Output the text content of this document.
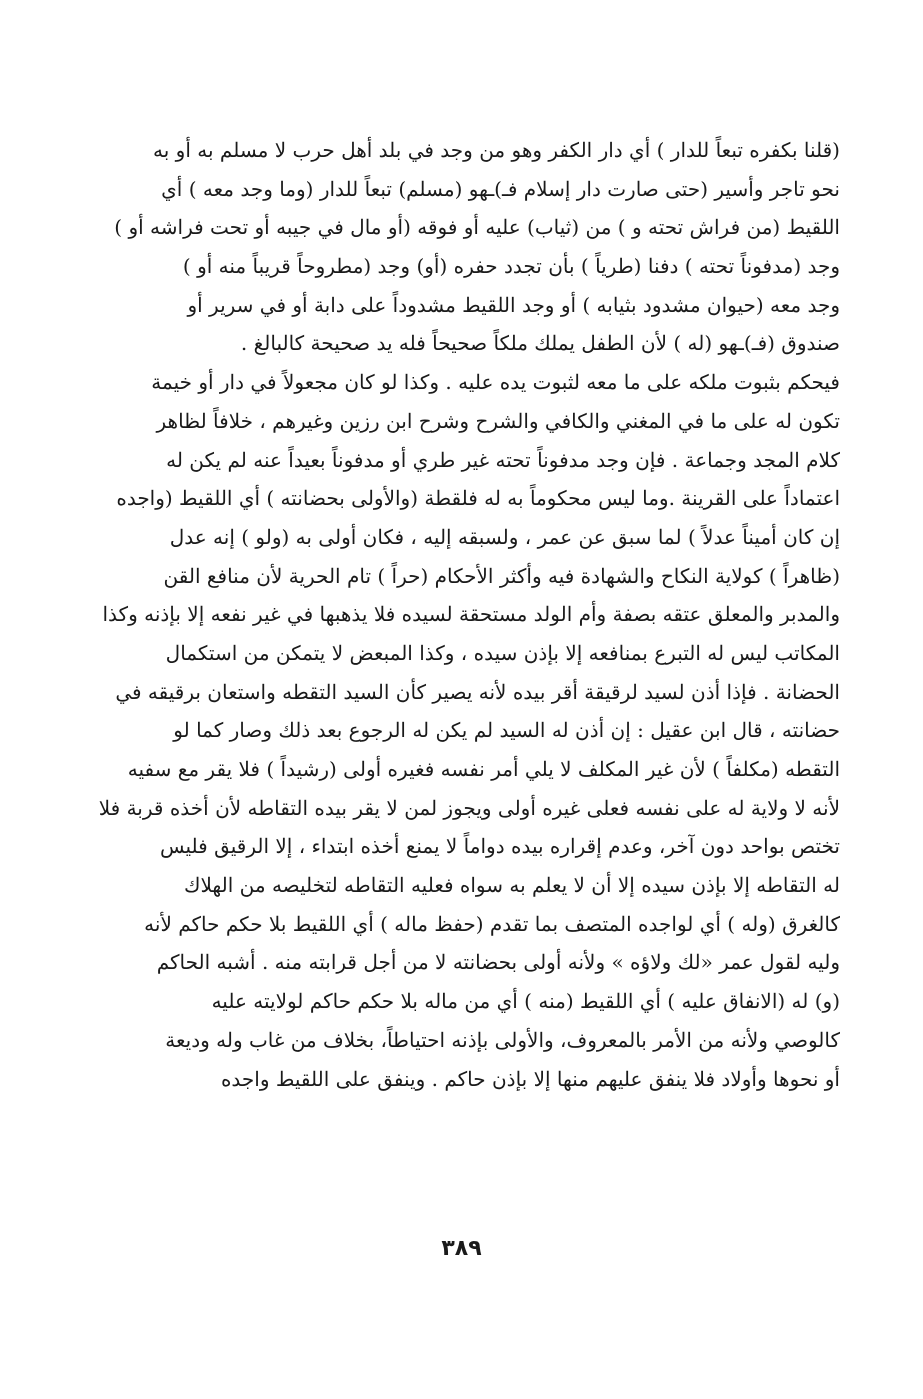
(قلنا بكفره تبعاً للدار ) أي دار الكفر وهو من وجد في بلد أهل حرب لا مسلم به أو به
نحو تاجر وأسير (حتى صارت دار إسلام فـ)ـهو (مسلم) تبعاً للدار (وما وجد معه ) أي
اللقيط (من فراش تحته و ) من (ثياب) عليه أو فوقه (أو مال في جيبه أو تحت فراشه أو )
وجد (مدفوناً تحته ) دفنا (طرياً ) بأن تجدد حفره (أو) وجد (مطروحاً قريباً منه أو )
وجد معه (حيوان مشدود بثيابه ) أو وجد اللقيط مشدوداً على دابة أو في سرير أو
صندوق (فـ)ـهو (له ) لأن الطفل يملك ملكاً صحيحاً فله يد صحيحة كالبالغ .
فيحكم بثبوت ملكه على ما معه لثبوت يده عليه . وكذا لو كان مجعولاً في دار أو خيمة
تكون له على ما في المغني والكافي والشرح وشرح ابن رزين وغيرهم ، خلافاً لظاهر
كلام المجد وجماعة . فإن وجد مدفوناً تحته غير طري أو مدفوناً بعيداً عنه لم يكن له
اعتماداً على القرينة .وما ليس محكوماً به له فلقطة (والأولى بحضانته ) أي اللقيط (واجده
إن كان أميناً عدلاً ) لما سبق عن عمر ، ولسبقه إليه ، فكان أولى به (ولو ) إنه عدل
(ظاهراً ) كولاية النكاح والشهادة فيه وأكثر الأحكام (حراً ) تام الحرية لأن منافع القن
والمدبر والمعلق عتقه بصفة وأم الولد مستحقة لسيده فلا يذهبها في غير نفعه إلا بإذنه وكذا
المكاتب ليس له التبرع بمنافعه إلا بإذن سيده ، وكذا المبعض لا يتمكن من استكمال
الحضانة . فإذا أذن لسيد لرقيقة أقر بيده لأنه يصير كأن السيد التقطه واستعان برقيقه في
حضانته ، قال ابن عقيل : إن أذن له السيد لم يكن له الرجوع بعد ذلك وصار كما لو
التقطه (مكلفاً ) لأن غير المكلف لا يلي أمر نفسه فغيره أولى (رشيداً ) فلا يقر مع سفيه
لأنه لا ولاية له على نفسه فعلى غيره أولى ويجوز لمن لا يقر بيده التقاطه لأن أخذه قربة فلا
تختص بواحد دون آخر، وعدم إقراره بيده دواماً لا يمنع أخذه ابتداء ، إلا الرقيق فليس
له التقاطه إلا بإذن سيده إلا أن لا يعلم به سواه فعليه التقاطه لتخليصه من الهلاك
كالغرق (وله ) أي لواجده المتصف بما تقدم (حفظ ماله ) أي اللقيط بلا حكم حاكم لأنه
وليه لقول عمر «لك ولاؤه » ولأنه أولى بحضانته لا من أجل قرابته منه . أشبه الحاكم
(و) له (الانفاق عليه ) أي اللقيط (منه ) أي من ماله بلا حكم حاكم لولايته عليه
كالوصي ولأنه من الأمر بالمعروف، والأولى بإذنه احتياطاً، بخلاف من غاب وله وديعة
أو نحوها وأولاد فلا ينفق عليهم منها إلا بإذن حاكم . وينفق على اللقيط واجده
٣٨٩
